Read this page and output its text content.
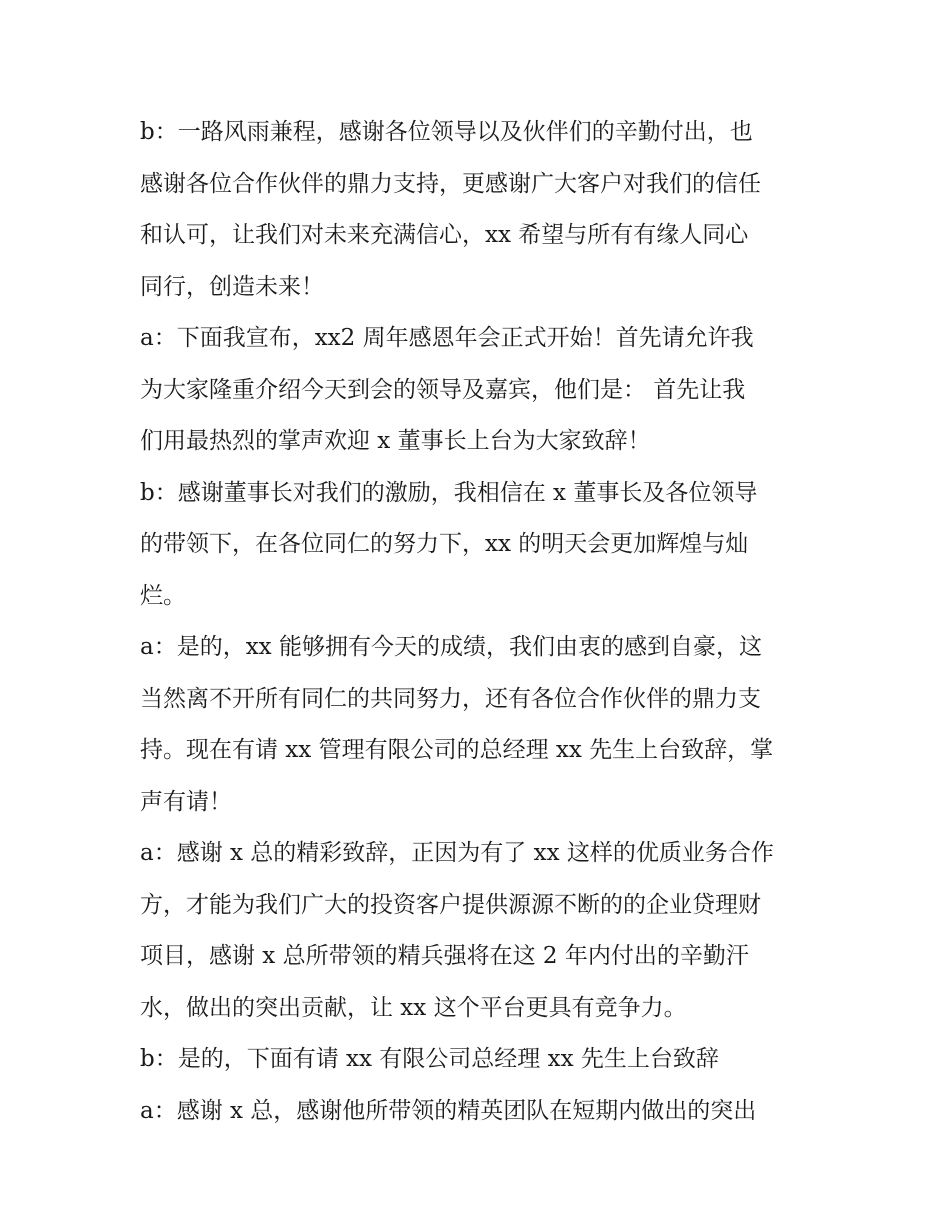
b：一路风雨兼程，感谢各位领导以及伙伴们的辛勤付出，也
感谢各位合作伙伴的鼎力支持，更感谢广大客户对我们的信任
和认可，让我们对未来充满信心，xx 希望与所有有缘人同心
同行，创造未来！
a：下面我宣布，xx2 周年感恩年会正式开始！首先请允许我
为大家隆重介绍今天到会的领导及嘉宾，他们是： 首先让我
们用最热烈的掌声欢迎 x 董事长上台为大家致辞！
b：感谢董事长对我们的激励，我相信在 x 董事长及各位领导
的带领下，在各位同仁的努力下，xx 的明天会更加辉煌与灿
烂。
a：是的，xx 能够拥有今天的成绩，我们由衷的感到自豪，这
当然离不开所有同仁的共同努力，还有各位合作伙伴的鼎力支
持。现在有请 xx 管理有限公司的总经理 xx 先生上台致辞，掌
声有请！
a：感谢 x 总的精彩致辞，正因为有了 xx 这样的优质业务合作
方，才能为我们广大的投资客户提供源源不断的的企业贷理财
项目，感谢 x 总所带领的精兵强将在这 2 年内付出的辛勤汗
水，做出的突出贡献，让 xx 这个平台更具有竞争力。
b：是的，下面有请 xx 有限公司总经理 xx 先生上台致辞
a：感谢 x 总，感谢他所带领的精英团队在短期内做出的突出
